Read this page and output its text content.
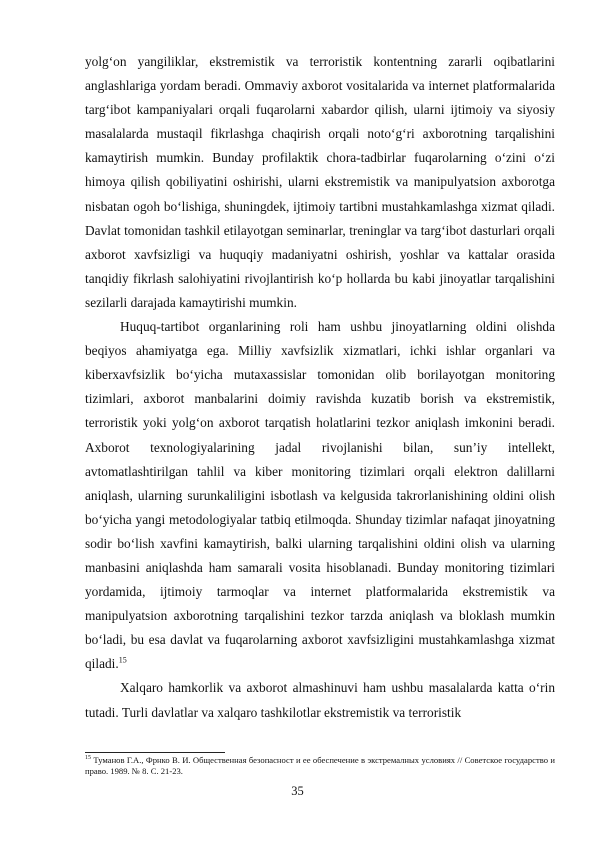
yolg‘on yangiliklar, ekstremistik va terroristik kontentning zararli oqibatlarini anglashlariga yordam beradi. Ommaviy axborot vositalarida va internet platformalarida targ‘ibot kampaniyalari orqali fuqarolarni xabardor qilish, ularni ijtimoiy va siyosiy masalalarda mustaqil fikrlashga chaqirish orqali noto‘g‘ri axborotning tarqalishini kamaytirish mumkin. Bunday profilaktik chora-tadbirlar fuqarolarning o‘zini o‘zi himoya qilish qobiliyatini oshirishi, ularni ekstremistik va manipulyatsion axborotga nisbatan ogoh bo‘lishiga, shuningdek, ijtimoiy tartibni mustahkamlashga xizmat qiladi. Davlat tomonidan tashkil etilayotgan seminarlar, treninglar va targ‘ibot dasturlari orqali axborot xavfsizligi va huquqiy madaniyatni oshirish, yoshlar va kattalar orasida tanqidiy fikrlash salohiyatini rivojlantirish ko‘p hollarda bu kabi jinoyatlar tarqalishini sezilarli darajada kamaytirishi mumkin.

Huquq-tartibot organlarining roli ham ushbu jinoyatlarning oldini olishda beqiyos ahamiyatga ega. Milliy xavfsizlik xizmatlari, ichki ishlar organlari va kiberxavfsizlik bo‘yicha mutaxassislar tomonidan olib borilayotgan monitoring tizimlari, axborot manbalarini doimiy ravishda kuzatib borish va ekstremistik, terroristik yoki yolg‘on axborot tarqatish holatlarini tezkor aniqlash imkonini beradi. Axborot texnologiyalarining jadal rivojlanishi bilan, sun’iy intellekt, avtomatlashtirilgan tahlil va kiber monitoring tizimlari orqali elektron dalillarni aniqlash, ularning surunkaliligini isbotlash va kelgusida takrorlanishining oldini olish bo‘yicha yangi metodologiyalar tatbiq etilmoqda. Shunday tizimlar nafaqat jinoyatning sodir bo‘lish xavfini kamaytirish, balki ularning tarqalishini oldini olish va ularning manbasini aniqlashda ham samarali vosita hisoblanadi. Bunday monitoring tizimlari yordamida, ijtimoiy tarmoqlar va internet platformalarida ekstremistik va manipulyatsion axborotning tarqalishini tezkor tarzda aniqlash va bloklash mumkin bo‘ladi, bu esa davlat va fuqarolarning axborot xavfsizligini mustahkamlashga xizmat qiladi.$^{15}$

Xalqaro hamkorlik va axborot almashinuvi ham ushbu masalalarda katta o‘rin tutadi. Turli davlatlar va xalqaro tashkilotlar ekstremistik va terroristik

$^{15}$ Туманов Г.А., Фрнко В. И. Общественная безопасност и ее обеспечение в экстремалных условиях // Советское государство и право. 1989. № 8. С. 21-23.

35
